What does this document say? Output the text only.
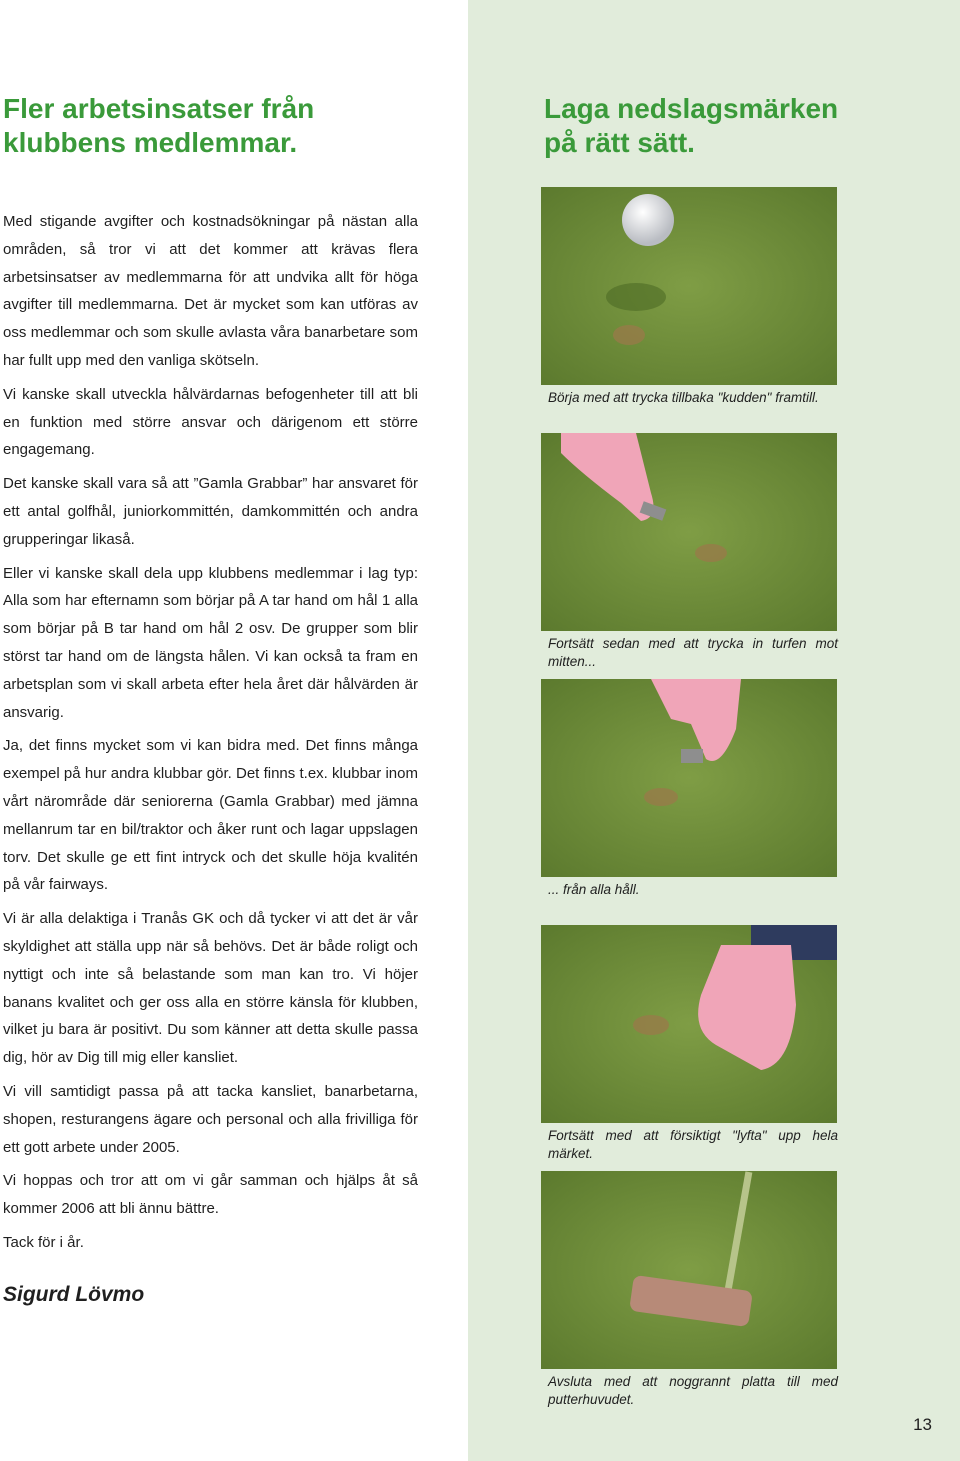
Fler arbetsinsatser från
klubbens medlemmar.

Med stigande avgifter och kostnadsökningar på nästan alla områden, så tror vi att det kommer att krävas flera arbetsinsatser av medlemmarna för att undvika allt för höga avgifter till medlemmarna. Det är mycket som kan utföras av oss medlemmar och som skulle avlasta våra banarbetare som har fullt upp med den vanliga skötseln.

Vi kanske skall utveckla hålvärdarnas befogenheter till att bli en funktion med större ansvar och därigenom ett större engagemang.

Det kanske skall vara så att ”Gamla Grabbar” har ansvaret för ett antal golfhål, juniorkommittén, damkommittén och andra grupperingar likaså.

Eller vi kanske skall dela upp klubbens medlemmar i lag typ: Alla som har efternamn som börjar på A tar hand om hål 1 alla som börjar på B tar hand om hål 2 osv. De grupper som blir störst tar hand om de längsta hålen. Vi kan också ta fram en arbetsplan som vi skall arbeta efter hela året där hålvärden är ansvarig.

Ja, det finns mycket som vi kan bidra med. Det finns många exempel på hur andra klubbar gör. Det finns t.ex. klubbar inom vårt närområde där seniorerna (Gamla Grabbar) med jämna mellanrum tar en bil/traktor och åker runt och lagar uppslagen torv. Det skulle ge ett fint intryck och det skulle höja kvalitén på vår fairways.

Vi är alla delaktiga i Tranås GK och då tycker vi att det är vår skyldighet att ställa upp när så behövs. Det är både roligt och nyttigt och inte så belastande som man kan tro. Vi höjer banans kvalitet och ger oss alla en större känsla för klubben, vilket ju bara är positivt. Du som känner att detta skulle passa dig, hör av Dig till mig eller kansliet.

Vi vill samtidigt passa på att tacka kansliet, banarbetarna, shopen, resturangens ägare och personal och alla frivilliga för ett gott arbete under 2005.

Vi hoppas och tror att om vi går samman och hjälps åt så kommer 2006 att bli ännu bättre.

Tack för i år.

Sigurd Lövmo
Laga nedslagsmärken
på rätt sätt.
Börja med att trycka tillbaka "kudden" framtill.
Fortsätt sedan med att trycka in turfen mot mitten...
... från alla håll.
Fortsätt med att försiktigt "lyfta" upp hela märket.
Avsluta med att noggrannt platta till med putterhuvudet.
13
